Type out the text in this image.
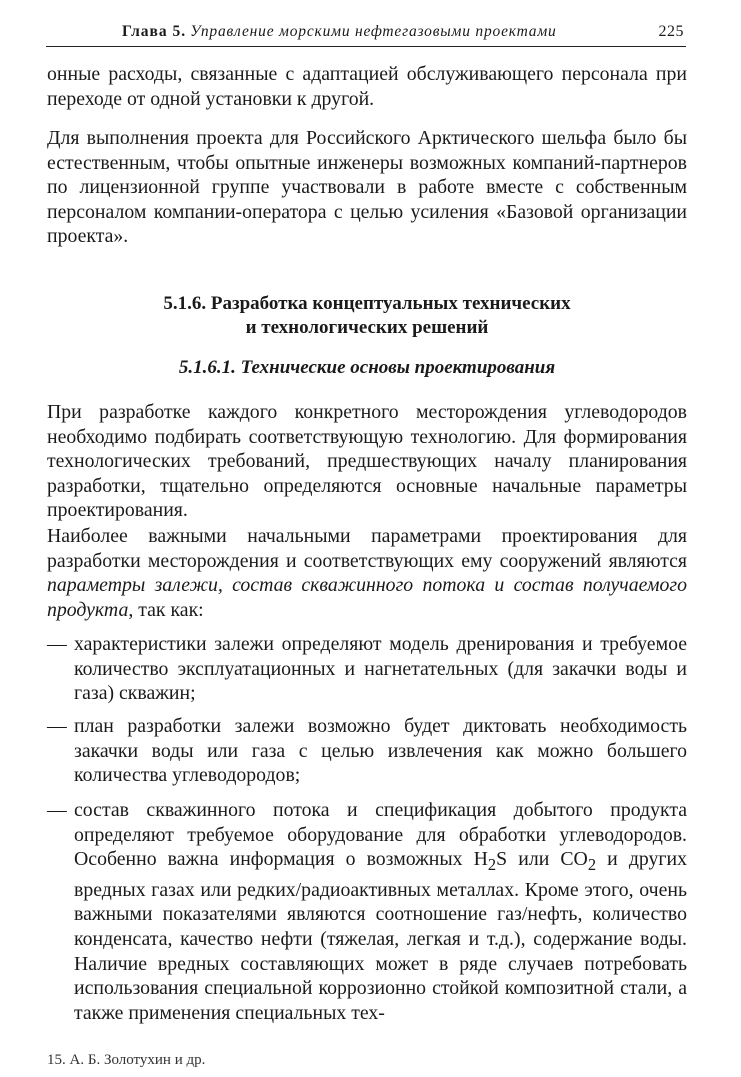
Глава 5. Управление морскими нефтегазовыми проектами	225
онные расходы, связанные с адаптацией обслуживающего персонала при переходе от одной установки к другой.
Для выполнения проекта для Российского Арктического шельфа было бы естественным, чтобы опытные инженеры возможных компаний-партнеров по лицензионной группе участвовали в работе вместе с собственным персоналом компании-оператора с целью усиления «Базовой организации проекта».
5.1.6. Разработка концептуальных технических
и технологических решений
5.1.6.1. Технические основы проектирования
При разработке каждого конкретного месторождения углеводородов необходимо подбирать соответствующую технологию. Для формирования технологических требований, предшествующих началу планирования разработки, тщательно определяются основные начальные параметры проектирования.
Наиболее важными начальными параметрами проектирования для разработки месторождения и соответствующих ему сооружений являются параметры залежи, состав скважинного потока и состав получаемого продукта, так как:
— характеристики залежи определяют модель дренирования и требуемое количество эксплуатационных и нагнетательных (для закачки воды и газа) скважин;
— план разработки залежи возможно будет диктовать необходимость закачки воды или газа с целью извлечения как можно большего количества углеводородов;
— состав скважинного потока и спецификация добытого продукта определяют требуемое оборудование для обработки углеводородов. Особенно важна информация о возможных $H_2S$ или $CO_2$ и других вредных газах или редких/радиоактивных металлах. Кроме этого, очень важными показателями являются соотношение газ/нефть, количество конденсата, качество нефти (тяжелая, легкая и т.д.), содержание воды. Наличие вредных составляющих может в ряде случаев потребовать использования специальной коррозионно стойкой композитной стали, а также применения специальных тех-
15. А. Б. Золотухин и др.
